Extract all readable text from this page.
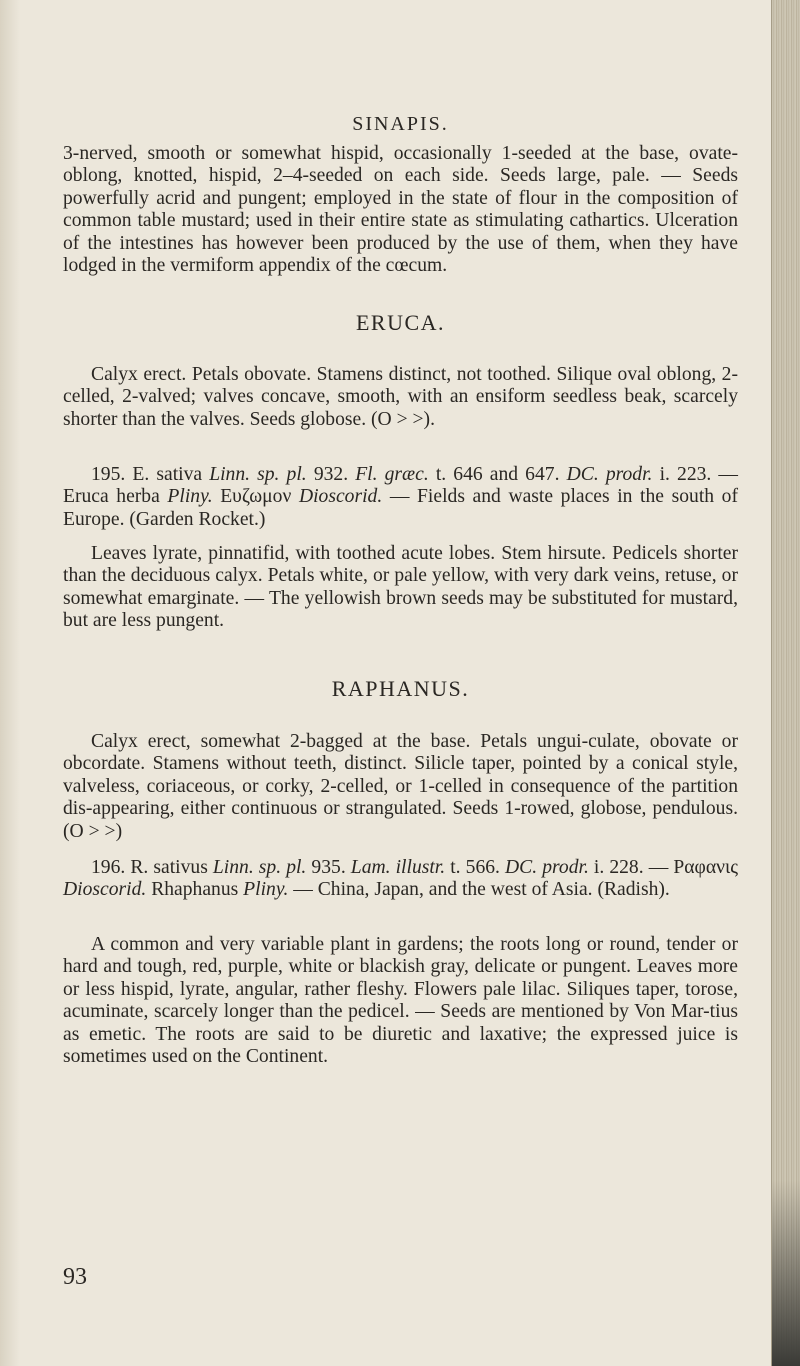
SINAPIS.

3-nerved, smooth or somewhat hispid, occasionally 1-seeded at the base, ovate-oblong, knotted, hispid, 2–4-seeded on each side. Seeds large, pale. — Seeds powerfully acrid and pungent; employed in the state of flour in the composition of common table mustard; used in their entire state as stimulating cathartics. Ulceration of the intestines has however been produced by the use of them, when they have lodged in the vermiform appendix of the cœcum.

ERUCA.

Calyx erect. Petals obovate. Stamens distinct, not toothed. Silique oval oblong, 2-celled, 2-valved; valves concave, smooth, with an ensiform seedless beak, scarcely shorter than the valves. Seeds globose. (O > >).

195. E. sativa Linn. sp. pl. 932. Fl. græc. t. 646 and 647. DC. prodr. i. 223. — Eruca herba Pliny. Ευζωμον Dioscorid. — Fields and waste places in the south of Europe. (Garden Rocket.)

Leaves lyrate, pinnatifid, with toothed acute lobes. Stem hirsute. Pedicels shorter than the deciduous calyx. Petals white, or pale yellow, with very dark veins, retuse, or somewhat emarginate. — The yellowish brown seeds may be substituted for mustard, but are less pungent.

RAPHANUS.

Calyx erect, somewhat 2-bagged at the base. Petals ungui-culate, obovate or obcordate. Stamens without teeth, distinct. Silicle taper, pointed by a conical style, valveless, coriaceous, or corky, 2-celled, or 1-celled in consequence of the partition dis-appearing, either continuous or strangulated. Seeds 1-rowed, globose, pendulous. (O > >)

196. R. sativus Linn. sp. pl. 935. Lam. illustr. t. 566. DC. prodr. i. 228. — Ραφανις Dioscorid. Rhaphanus Pliny. — China, Japan, and the west of Asia. (Radish).

A common and very variable plant in gardens; the roots long or round, tender or hard and tough, red, purple, white or blackish gray, delicate or pungent. Leaves more or less hispid, lyrate, angular, rather fleshy. Flowers pale lilac. Siliques taper, torose, acuminate, scarcely longer than the pedicel. — Seeds are mentioned by Von Mar-tius as emetic. The roots are said to be diuretic and laxative; the expressed juice is sometimes used on the Continent.

93
